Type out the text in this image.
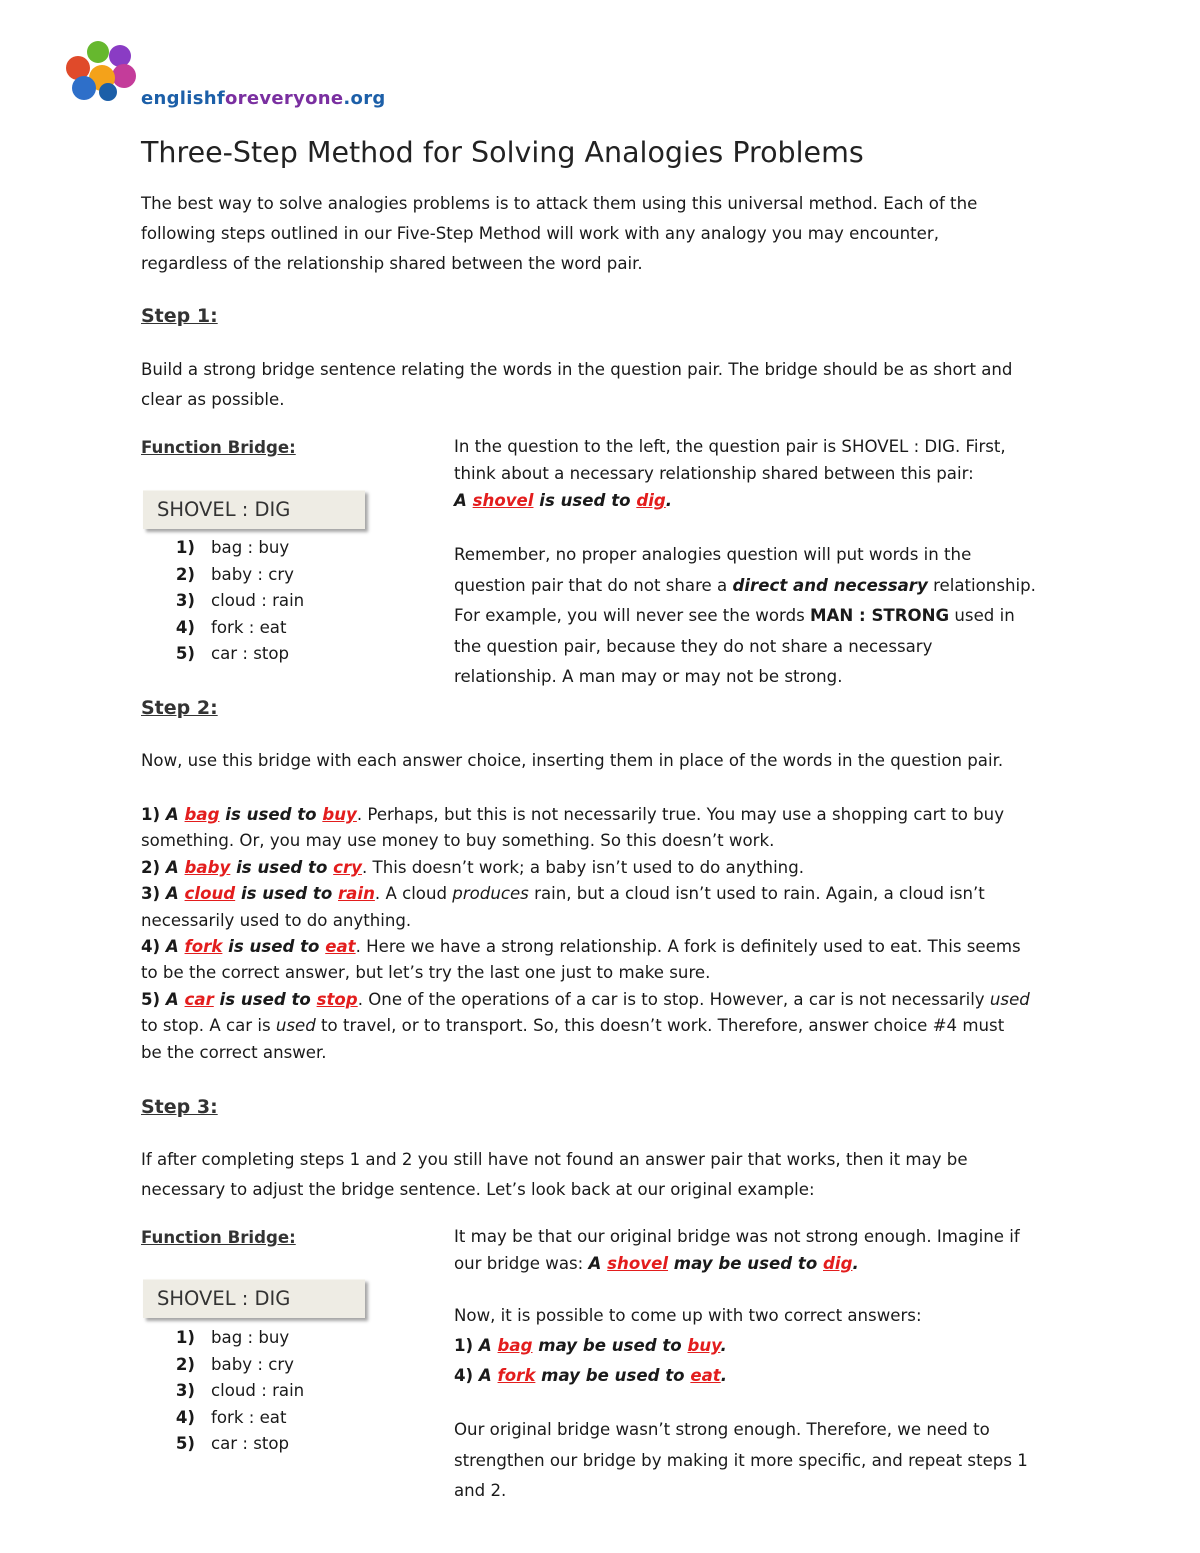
englishforeveryone.org
Three-Step Method for Solving Analogies Problems
The best way to solve analogies problems is to attack them using this universal method. Each of the
following steps outlined in our Five-Step Method will work with any analogy you may encounter,
regardless of the relationship shared between the word pair.
Step 1:
Build a strong bridge sentence relating the words in the question pair. The bridge should be as short and
clear as possible.
Function Bridge:
SHOVEL : DIG
1) bag : buy
2) baby : cry
3) cloud : rain
4) fork : eat
5) car : stop
In the question to the left, the question pair is SHOVEL : DIG. First,
think about a necessary relationship shared between this pair:
A shovel is used to dig.
Remember, no proper analogies question will put words in the
question pair that do not share a direct and necessary relationship.
For example, you will never see the words MAN : STRONG used in
the question pair, because they do not share a necessary
relationship. A man may or may not be strong.
Step 2:
Now, use this bridge with each answer choice, inserting them in place of the words in the question pair.
1) A bag is used to buy. Perhaps, but this is not necessarily true. You may use a shopping cart to buy
something. Or, you may use money to buy something. So this doesn’t work.
2) A baby is used to cry. This doesn’t work; a baby isn’t used to do anything.
3) A cloud is used to rain. A cloud produces rain, but a cloud isn’t used to rain. Again, a cloud isn’t
necessarily used to do anything.
4) A fork is used to eat. Here we have a strong relationship. A fork is definitely used to eat. This seems
to be the correct answer, but let’s try the last one just to make sure.
5) A car is used to stop. One of the operations of a car is to stop. However, a car is not necessarily used
to stop. A car is used to travel, or to transport. So, this doesn’t work. Therefore, answer choice #4 must
be the correct answer.
Step 3:
If after completing steps 1 and 2 you still have not found an answer pair that works, then it may be
necessary to adjust the bridge sentence. Let’s look back at our original example:
Function Bridge:
SHOVEL : DIG
1) bag : buy
2) baby : cry
3) cloud : rain
4) fork : eat
5) car : stop
It may be that our original bridge was not strong enough. Imagine if
our bridge was: A shovel may be used to dig.
Now, it is possible to come up with two correct answers:
1) A bag may be used to buy.
4) A fork may be used to eat.
Our original bridge wasn’t strong enough. Therefore, we need to
strengthen our bridge by making it more specific, and repeat steps 1
and 2.
